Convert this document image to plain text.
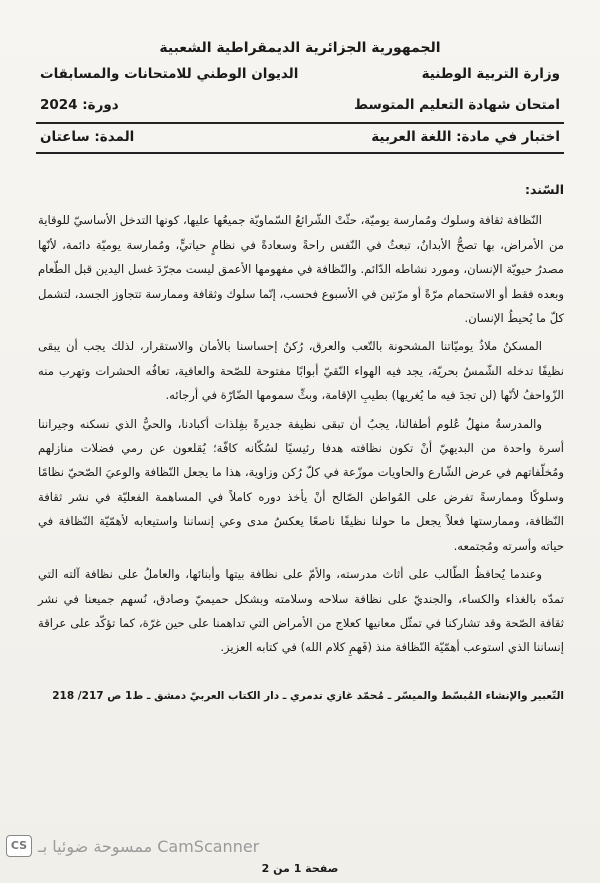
الجمهورية الجزائرية الديمقراطية الشعبية
وزارة التربية الوطنية
الديوان الوطني للامتحانات والمسابقات
امتحان شهادة التعليم المتوسط
دورة: 2024
اختبار في مادة: اللغة العربية
المدة: ساعتان
السّند:

النّظافة ثقافة وسلوك ومُمارسة يوميّة، حثّتْ الشّرائعُ السّماويّة جميعُها عليها، كونها التدخل الأساسيّ للوقاية من الأمراض، بها تصحُّ الأبدانُ، تبعثُ في النّفس راحةً وسعادةً في نظامٍ حياتيٍّ، ومُمارسة يوميّة دائمة، لأنّها مصدرُ حيويّة الإنسان، ومورد نشاطه الدّائم. والنّظافة في مفهومها الأعمق ليست مجرّدَ غسل اليدين قبل الطّعام وبعده فقط أو الاستحمام مرّةً أو مرّتين في الأسبوع فحسب، إنّما سلوك وثقافة وممارسة تتجاوز الجسد، لتشمل كلّ ما يُحيطُ الإنسان.

المسكنُ ملاذُ يوميّاتنا المشحونة بالتّعب والعرق، رُكنُ إحساسنا بالأمان والاستقرار، لذلك يجب أن يبقى نظيفًا تدخله الشّمسُ بحريّة، يجد فيه الهواء النّقيّ أبوابًا مفتوحة للصّحة والعافية، تعافُه الحشرات وتهرب منه الزّواحفُ لأنّها (لن تجدَ فيه ما يُغريها) بطيبِ الإقامة، وبثِّ سمومها الضّارّة في أرجائه.

والمدرسةُ منهلُ عُلوم أطفالنا، يجبُ أن تبقى نظيفة جديرةً بفِلذات أكبادنا، والحيُّ الذي نسكنه وجيراننا أسرة واحدة من البديهيّ أنْ تكون نظافته هدفا رئيسيًا لسُكّانه كافّة؛ يُقلعون عن رمي فضلات منازلهم ومُخلّفاتهم في عرض الشّارع والحاويات موزّعة في كلّ رُكن وزاوية، هذا ما يجعل النّظافة والوعيَ الصّحيّ نظامًا وسلوكًا وممارسةً تفرض على المُواطن الصّالح أنْ يأخذ دوره كاملاً في المساهمة الفعليّة في نشر ثقافة النّظافة، وممارستها فعلاً يجعل ما حولنا نظيفًا ناصعًا يعكسُ مدى وعي إنساننا واستيعابه لأهمّيّة النّظافة في حياته وأسرته ومُجتمعه.

وعندما يُحافظُ الطّالب على أثاث مدرسته، والأمّ على نظافة بيتها وأبنائها، والعاملُ على نظافة آلته التي تمدّه بالغذاء والكساء، والجنديّ على نظافة سلاحه وسلامته وبشكل حميميّ وصادق، نُسهم جميعنا في نشر ثقافة الصّحة وقد تشاركنا في تمثّل معانيها كعلاج من الأمراض التي تداهمنا على حين غرّة، كما تؤكّد على عراقة إنساننا الذي استوعب أهمّيّة النّظافة منذ (فَهمِ كلام الله) في كتابه العزيز.

التّعبير والإنشاء المُبسّط والميسّر ـ مُحمّد غازي تدمري ـ دار الكتاب العربيّ دمشق ـ ط1 ص 217/ 218
CS CamScanner ممسوحة ضوئيا بـ
صفحة 1 من 2
